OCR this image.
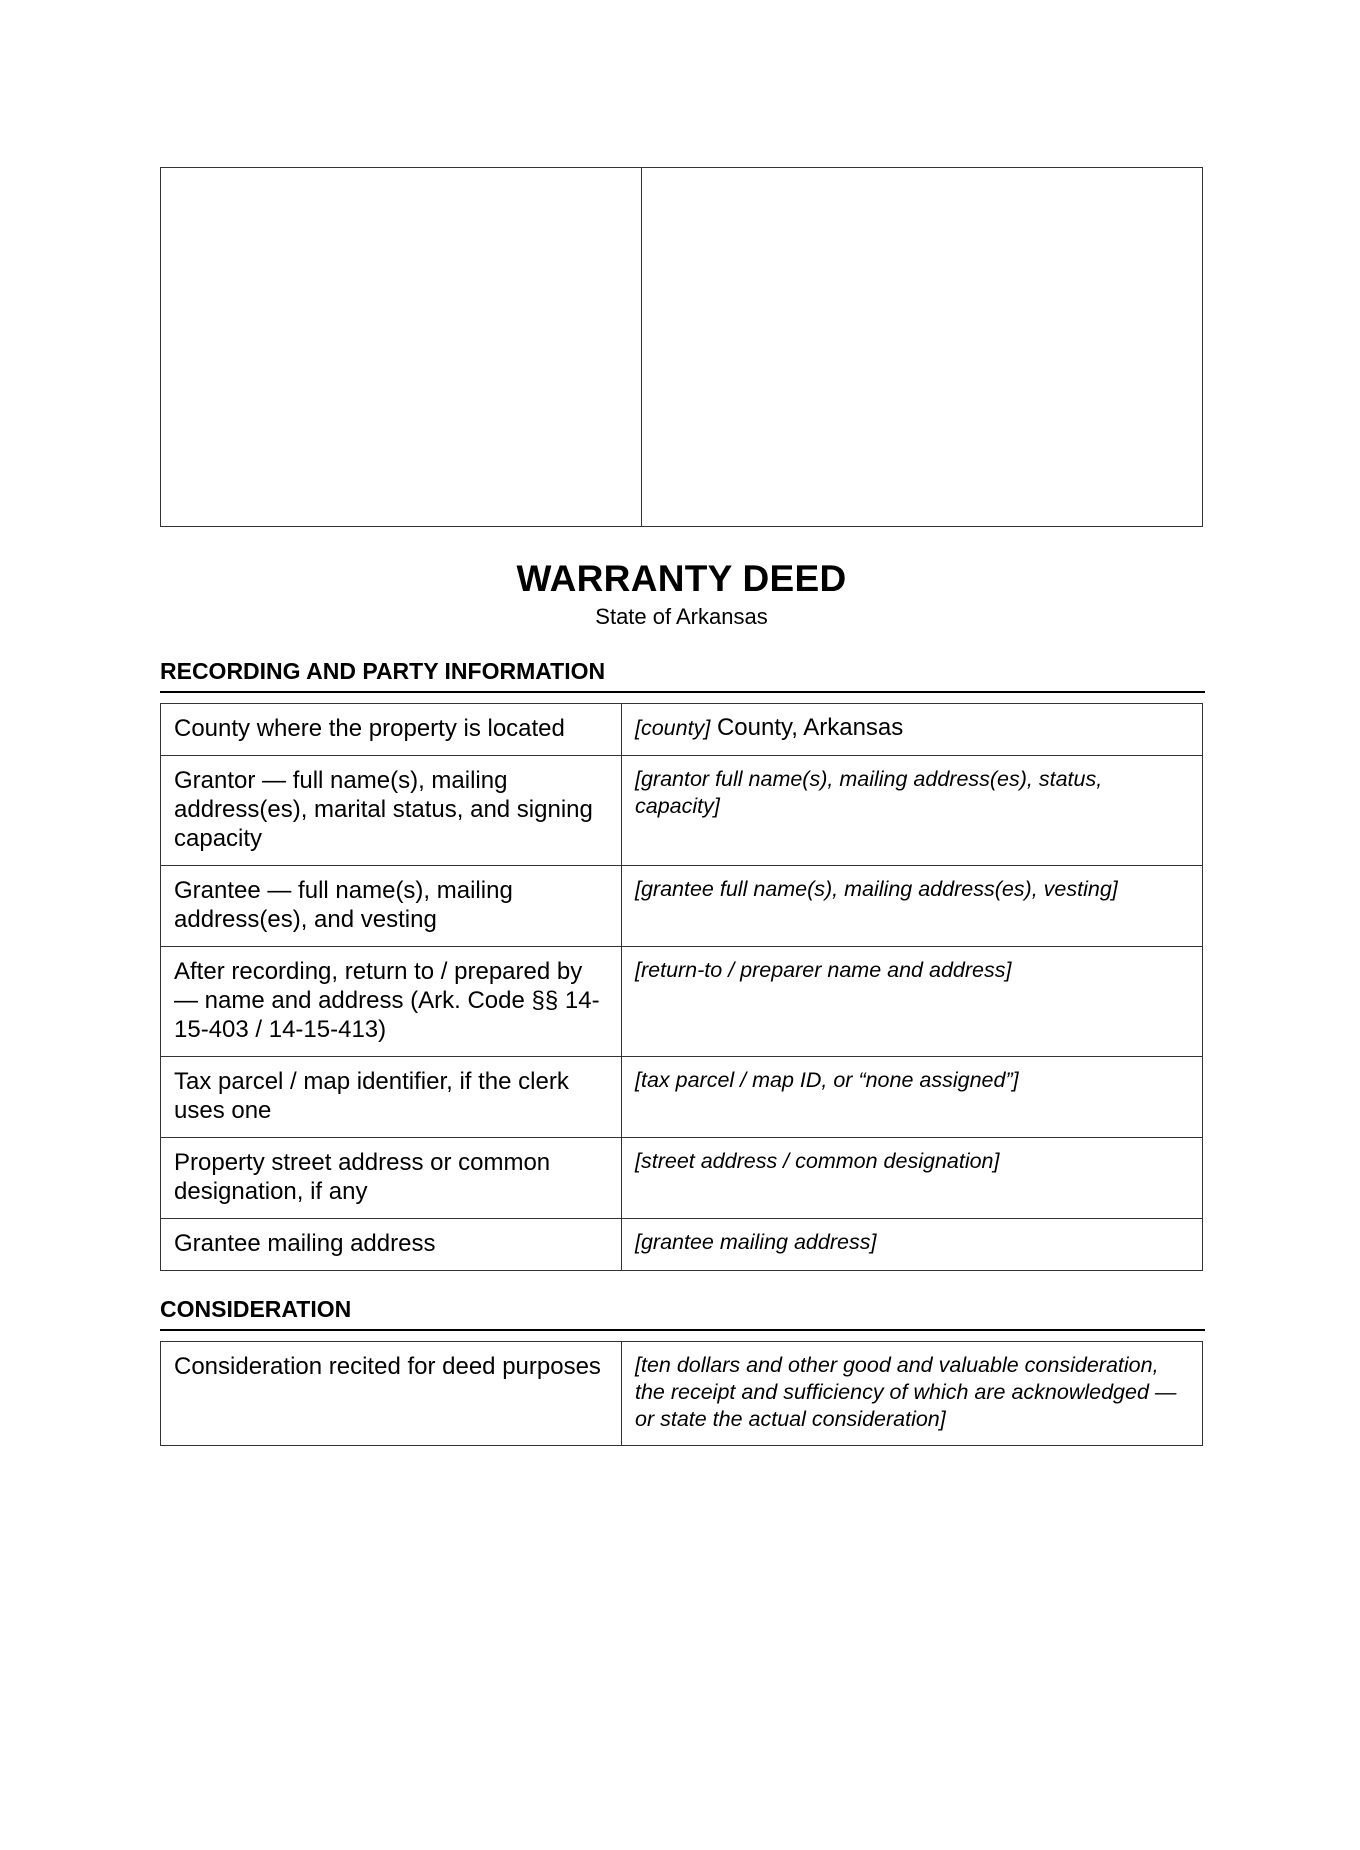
WARRANTY DEED
State of Arkansas
RECORDING AND PARTY INFORMATION
County where the property is located	[county] County, Arkansas
Grantor — full name(s), mailing address(es), marital status, and signing capacity	[grantor full name(s), mailing address(es), status, capacity]
Grantee — full name(s), mailing address(es), and vesting	[grantee full name(s), mailing address(es), vesting]
After recording, return to / prepared by — name and address (Ark. Code §§ 14-15-403 / 14-15-413)	[return-to / preparer name and address]
Tax parcel / map identifier, if the clerk uses one	[tax parcel / map ID, or “none assigned”]
Property street address or common designation, if any	[street address / common designation]
Grantee mailing address	[grantee mailing address]
CONSIDERATION
Consideration recited for deed purposes	[ten dollars and other good and valuable consideration, the receipt and sufficiency of which are acknowledged — or state the actual consideration]
